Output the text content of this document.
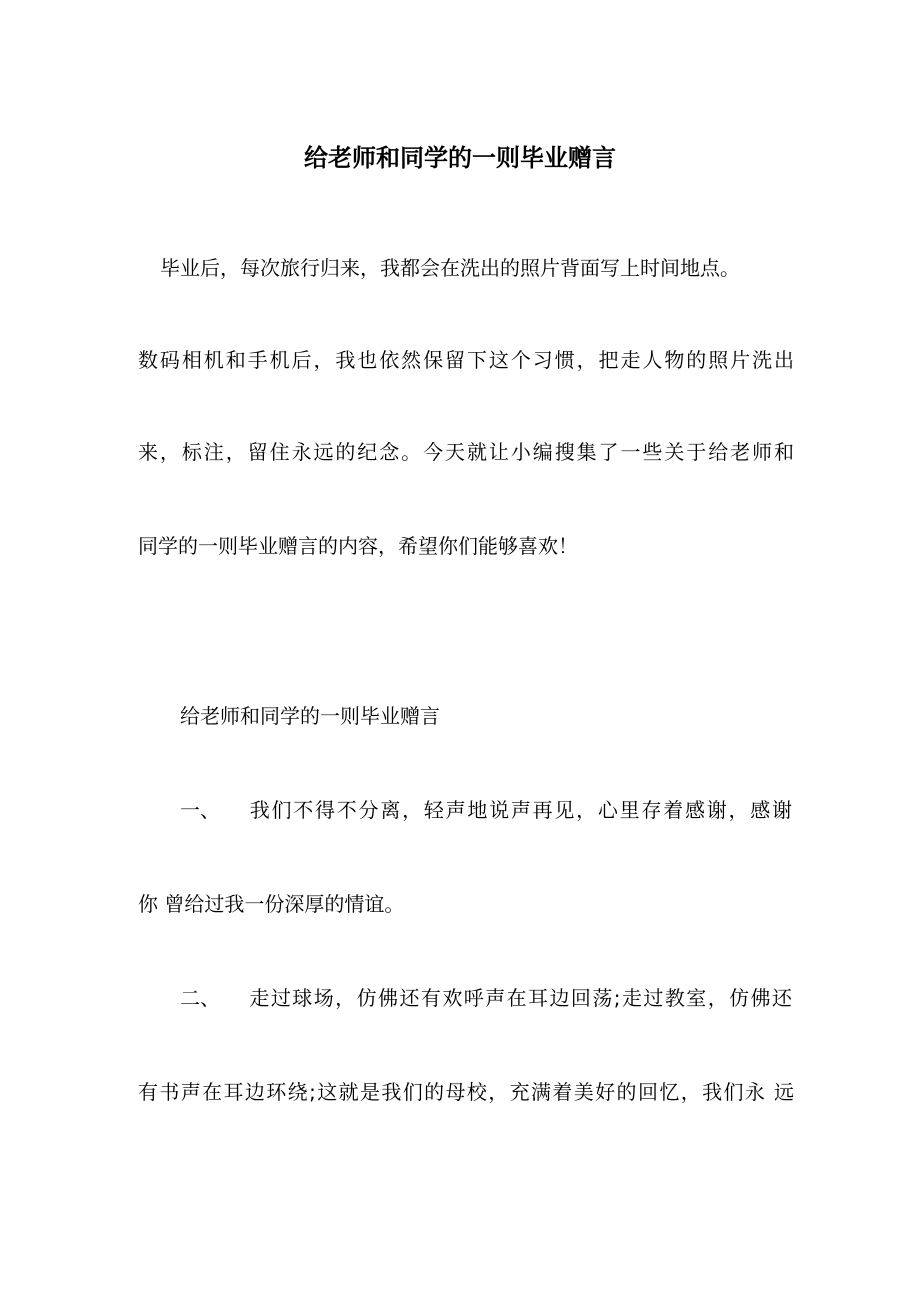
给老师和同学的一则毕业赠言
毕业后，每次旅行归来，我都会在洗出的照片背面写上时间地点。
数码相机和手机后，我也依然保留下这个习惯，把走人物的照片洗出
来，标注，留住永远的纪念。今天就让小编搜集了一些关于给老师和
同学的一则毕业赠言的内容，希望你们能够喜欢！
给老师和同学的一则毕业赠言
一、 我们不得不分离，轻声地说声再见，心里存着感谢，感谢
你 曾给过我一份深厚的情谊。
二、 走过球场，仿佛还有欢呼声在耳边回荡;走过教室，仿佛还
有书声在耳边环绕;这就是我们的母校，充满着美好的回忆，我们永 远
